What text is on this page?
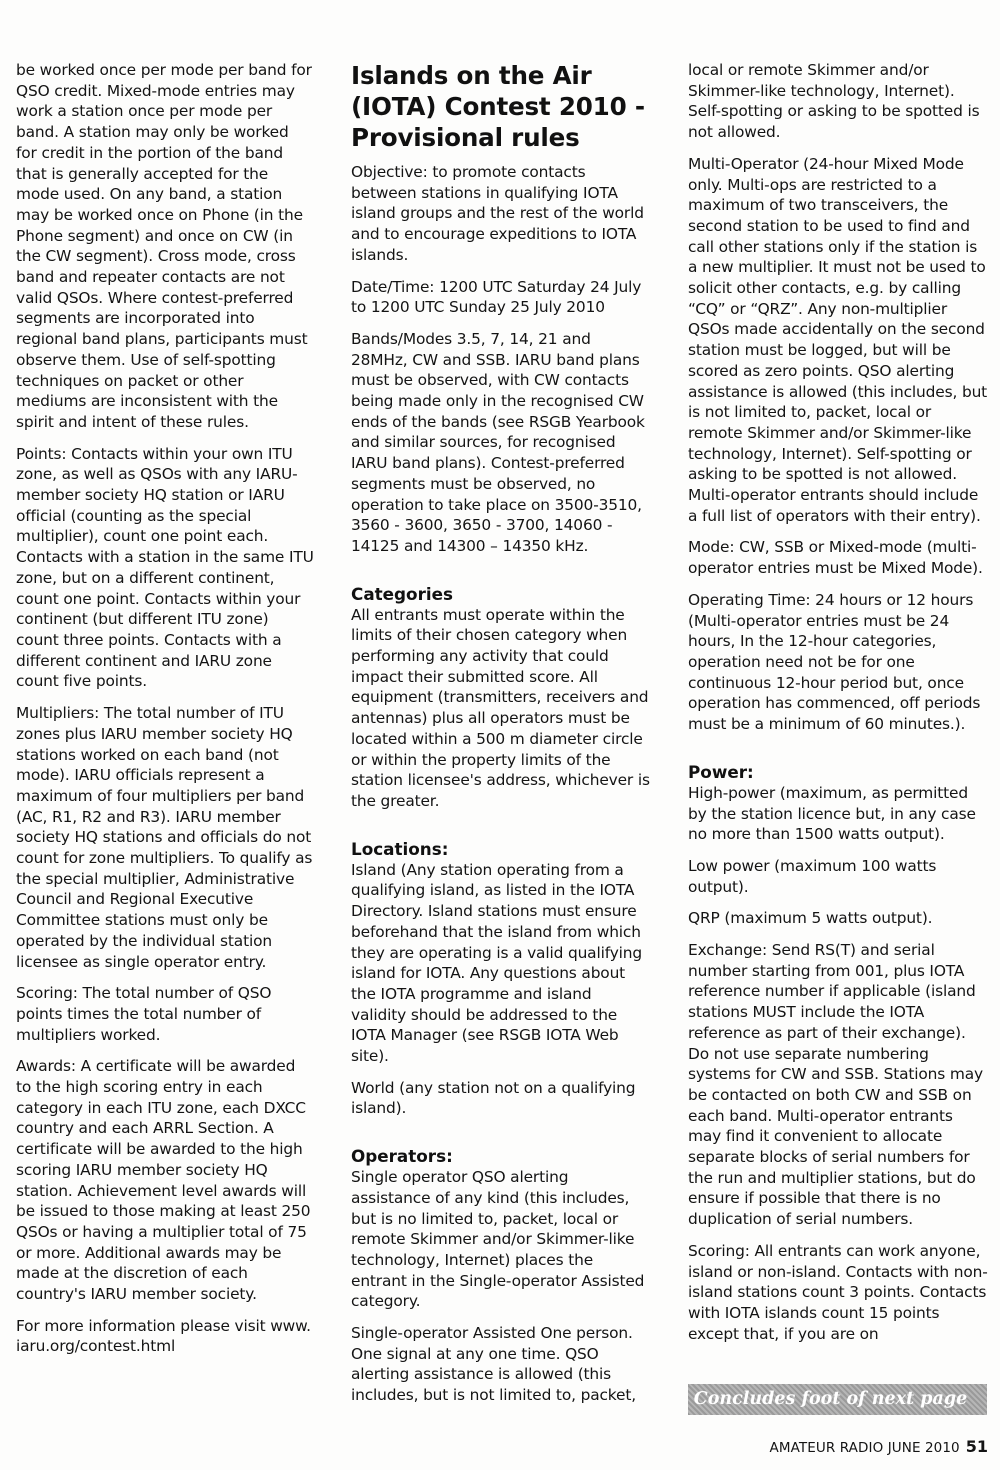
be worked once per mode per band for QSO credit. Mixed-mode entries may work a station once per mode per band. A station may only be worked for credit in the portion of the band that is generally accepted for the mode used. On any band, a station may be worked once on Phone (in the Phone segment) and once on CW (in the CW segment). Cross mode, cross band and repeater contacts are not valid QSOs. Where contest-preferred segments are incorporated into regional band plans, participants must observe them. Use of self-spotting techniques on packet or other mediums are inconsistent with the spirit and intent of these rules.

Points: Contacts within your own ITU zone, as well as QSOs with any IARU-member society HQ station or IARU official (counting as the special multiplier), count one point each. Contacts with a station in the same ITU zone, but on a different continent, count one point. Contacts within your continent (but different ITU zone) count three points. Contacts with a different continent and IARU zone count five points.

Multipliers: The total number of ITU zones plus IARU member society HQ stations worked on each band (not mode). IARU officials represent a maximum of four multipliers per band (AC, R1, R2 and R3). IARU member society HQ stations and officials do not count for zone multipliers. To qualify as the special multiplier, Administrative Council and Regional Executive Committee stations must only be operated by the individual station licensee as single operator entry.

Scoring: The total number of QSO points times the total number of multipliers worked.

Awards: A certificate will be awarded to the high scoring entry in each category in each ITU zone, each DXCC country and each ARRL Section. A certificate will be awarded to the high scoring IARU member society HQ station. Achievement level awards will be issued to those making at least 250 QSOs or having a multiplier total of 75 or more. Additional awards may be made at the discretion of each country's IARU member society.

For more information please visit www. iaru.org/contest.html

Islands on the Air (IOTA) Contest 2010 - Provisional rules

Objective: to promote contacts between stations in qualifying IOTA island groups and the rest of the world and to encourage expeditions to IOTA islands.

Date/Time: 1200 UTC Saturday 24 July to 1200 UTC Sunday 25 July 2010

Bands/Modes 3.5, 7, 14, 21 and 28MHz, CW and SSB. IARU band plans must be observed, with CW contacts being made only in the recognised CW ends of the bands (see RSGB Yearbook and similar sources, for recognised IARU band plans). Contest-preferred segments must be observed, no operation to take place on 3500-3510, 3560 - 3600, 3650 - 3700, 14060 - 14125 and 14300 – 14350 kHz.

Categories

All entrants must operate within the limits of their chosen category when performing any activity that could impact their submitted score. All equipment (transmitters, receivers and antennas) plus all operators must be located within a 500 m diameter circle or within the property limits of the station licensee's address, whichever is the greater.

Locations:

Island (Any station operating from a qualifying island, as listed in the IOTA Directory. Island stations must ensure beforehand that the island from which they are operating is a valid qualifying island for IOTA. Any questions about the IOTA programme and island validity should be addressed to the IOTA Manager (see RSGB IOTA Web site).

World (any station not on a qualifying island).

Operators:

Single operator QSO alerting assistance of any kind (this includes, but is no limited to, packet, local or remote Skimmer and/or Skimmer-like technology, Internet) places the entrant in the Single-operator Assisted category.

Single-operator Assisted One person. One signal at any one time. QSO alerting assistance is allowed (this includes, but is not limited to, packet,

local or remote Skimmer and/or Skimmer-like technology, Internet). Self-spotting or asking to be spotted is not allowed.

Multi-Operator (24-hour Mixed Mode only. Multi-ops are restricted to a maximum of two transceivers, the second station to be used to find and call other stations only if the station is a new multiplier. It must not be used to solicit other contacts, e.g. by calling “CQ” or “QRZ”. Any non-multiplier QSOs made accidentally on the second station must be logged, but will be scored as zero points. QSO alerting assistance is allowed (this includes, but is not limited to, packet, local or remote Skimmer and/or Skimmer-like technology, Internet). Self-spotting or asking to be spotted is not allowed. Multi-operator entrants should include a full list of operators with their entry).

Mode: CW, SSB or Mixed-mode (multi-operator entries must be Mixed Mode).

Operating Time: 24 hours or 12 hours (Multi-operator entries must be 24 hours, In the 12-hour categories, operation need not be for one continuous 12-hour period but, once operation has commenced, off periods must be a minimum of 60 minutes.).

Power:

High-power (maximum, as permitted by the station licence but, in any case no more than 1500 watts output).

Low power (maximum 100 watts output).

QRP (maximum 5 watts output).

Exchange: Send RS(T) and serial number starting from 001, plus IOTA reference number if applicable (island stations MUST include the IOTA reference as part of their exchange). Do not use separate numbering systems for CW and SSB. Stations may be contacted on both CW and SSB on each band. Multi-operator entrants may find it convenient to allocate separate blocks of serial numbers for the run and multiplier stations, but do ensure if possible that there is no duplication of serial numbers.

Scoring: All entrants can work anyone, island or non-island. Contacts with non-island stations count 3 points. Contacts with IOTA islands count 15 points except that, if you are on

Concludes foot of next page
AMATEUR RADIO JUNE 2010 51
